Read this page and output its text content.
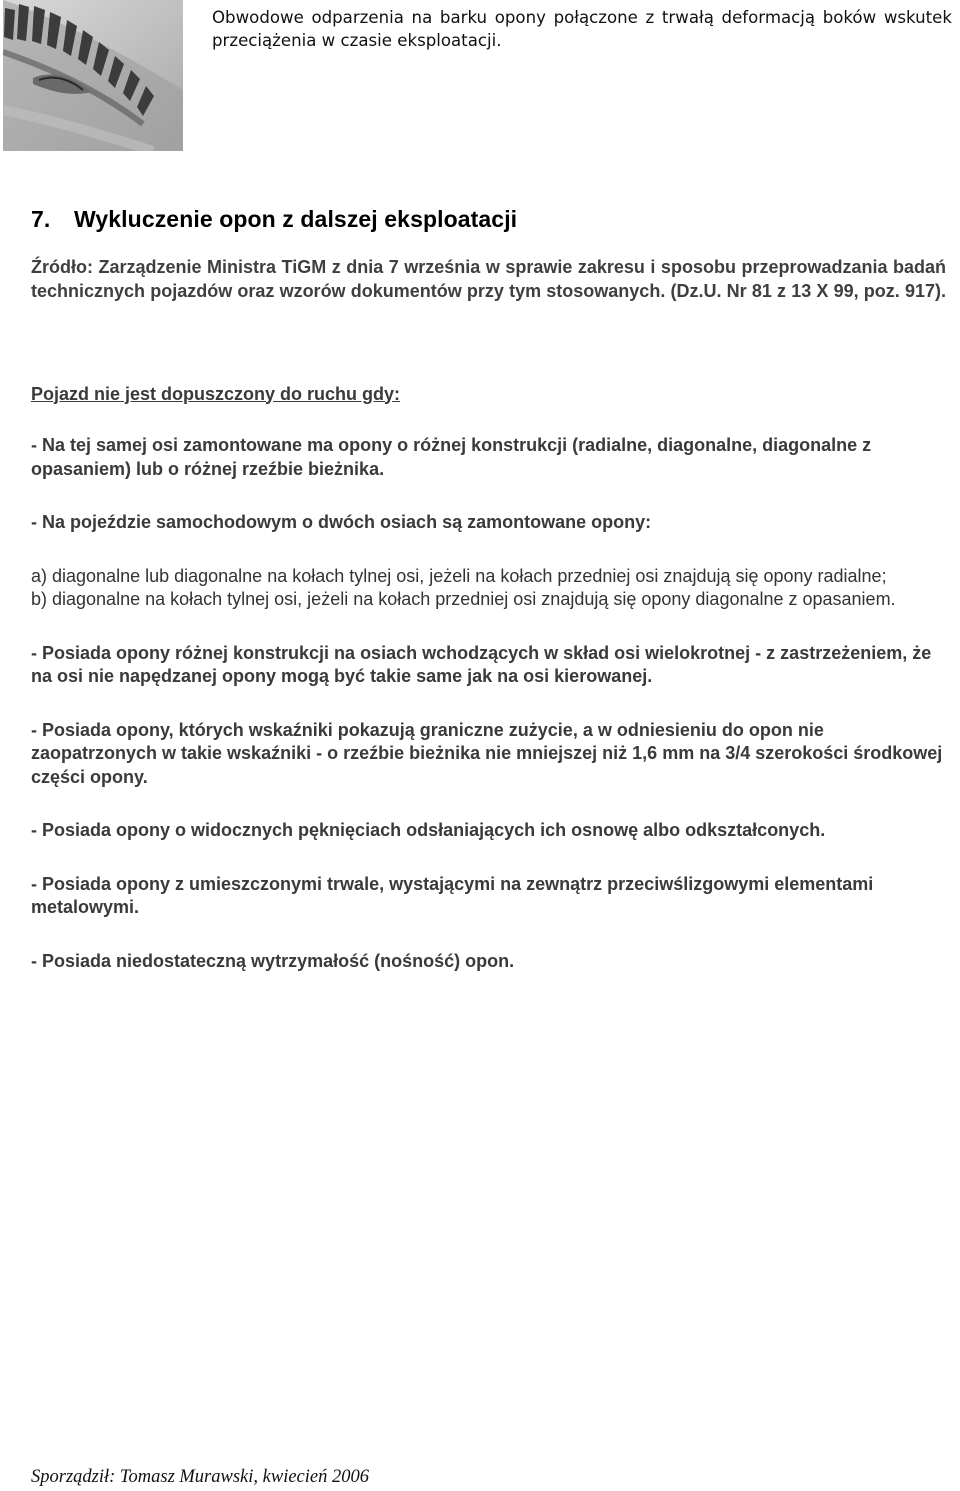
Obwodowe odparzenia na barku opony połączone z trwałą deformacją boków wskutek przeciążenia w czasie eksploatacji.
7. Wykluczenie opon z dalszej eksploatacji

Źródło: Zarządzenie Ministra TiGM z dnia 7 września w sprawie zakresu i sposobu przeprowadzania badań technicznych pojazdów oraz wzorów dokumentów przy tym stosowanych. (Dz.U. Nr 81 z 13 X 99, poz. 917).

Pojazd nie jest dopuszczony do ruchu gdy:

- Na tej samej osi zamontowane ma opony o różnej konstrukcji (radialne, diagonalne, diagonalne z opasaniem) lub o różnej rzeźbie bieżnika.

- Na pojeździe samochodowym o dwóch osiach są zamontowane opony:

a) diagonalne lub diagonalne na kołach tylnej osi, jeżeli na kołach przedniej osi znajdują się opony radialne;

b) diagonalne na kołach tylnej osi, jeżeli na kołach przedniej osi znajdują się opony diagonalne z opasaniem.

- Posiada opony różnej konstrukcji na osiach wchodzących w skład osi wielokrotnej - z zastrzeżeniem, że na osi nie napędzanej opony mogą być takie same jak na osi kierowanej.

- Posiada opony, których wskaźniki pokazują graniczne zużycie, a w odniesieniu do opon nie zaopatrzonych w takie wskaźniki - o rzeźbie bieżnika nie mniejszej niż 1,6 mm na 3/4 szerokości środkowej części opony.

- Posiada opony o widocznych pęknięciach odsłaniających ich osnowę albo odkształconych.

- Posiada opony z umieszczonymi trwale, wystającymi na zewnątrz przeciwślizgowymi elementami metalowymi.

- Posiada niedostateczną wytrzymałość (nośność) opon.

Sporządził: Tomasz Murawski, kwiecień 2006
